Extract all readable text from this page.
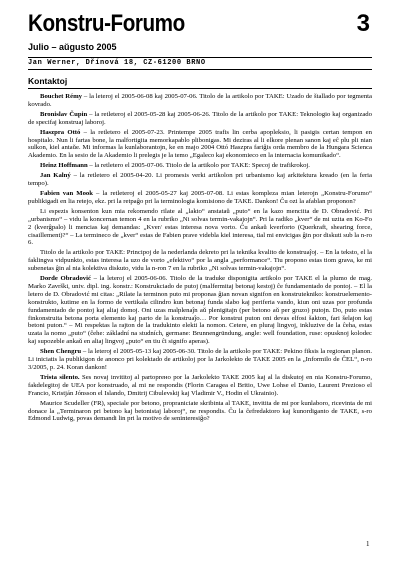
Konstru-Forumo	3
Julio – aŭgusto 2005
Jan Werner, Dřínová 18, CZ-61200 BRNO
Kontaktoj

Bouchet Rémy – la leteroj el 2005-06-08 kaj 2005-07-06. Titolo de la artikolo por TAKE: Uzado de štallado por tegmenta kovrado.

Bronislav Čupin – la retleteroj el 2005-05-28 kaj 2005-06-26. Titolo de la artikolo por TAKE: Teknologio kaj organizado de specifaj konstruaj laboroj.

Haszpra Ottó – la retletero el 2005-07-23. Printempe 2005 trafis lin cerba apopleksio, li pasigis certan tempon en hospitalo. Nun li fartas bone, la malfortigita memorkapablo plibonigas. Mi deziras al li elkore plenan sanon kaj eĉ plu pli nian sulkon, kiel antaŭe. Mi informas la kunlaborantojn, ke en majo 2004 Ottó Haszpra fariĝis orda membro de la Hungara Scienca Akademio. En la sesio de la Akademio li prelegis je la temo „Egaleco kaj ekonomieco en la internacia komunikado“.

Heinz Hoffmann – la retletero el 2005-07-06. Titolo de la artikolo por TAKE: Specoj de trafikrokoj.

Jan Kalný – la retletero el 2005-04-20. Li promesis verki artikolon pri urbanismo kaj arkitektura kreado (en la feria tempo).

Fabien van Mook – la retleteroj el 2005-05-27 kaj 2005-07-08. Li estas kompleza mian leterojn „Konstru-Forumo“ publikigadi en lia retejo, ekz. pri la retpaĝo pri la terminologia komisiono de TAKE. Dankon! Ĉu ozi la afablan proponon?

Li espezis konsenton kun mia rekomendo rilate al „lakto“ anstataŭ „puto“ en la kazo menciita de D. Obradović. Pri „urbanismo“ – vidu la koncernan temon 4 en la rubriko „Ni solvas termin-vakajojn“. Pri la radiko „kver“ de mi uzita en Ko-Fo 2 (kverĝpalo) li mencias kaj demandas: „Kver/ estas interesa nova vorto. Ĉu ankaŭ kverforto (Querkraft, shearing force, cisaillement)?“ – La termineco de „kver“ estas de Fabien prave videbla kiel interesa, tial mi envicigas ĝin por diskuti sub la n-ro 6.

Titolo de la artikolo por TAKE: Principoj de la nederlanda dekreto pri la teknika kvalito de konstruaĵoj. – En la teksto, el la faklingva vidpunkto, estas interesa la uzo de vorto „efektivo“ por la angla „performance“. Tiu propono estas tiom grava, ke mi subenetas ĝin al nia kolektiva diskuto, vidu la n-ron 7 en la rubriko „Ni solvas termin-vakajojn“.

Dorđe Obradović – la leteroj el 2005-06-06. Titolo de la traduke disponigita artikolo por TAKE el la plumo de mag. Marko Završki, univ. dipl. ing. konstr.: Konstrukciado de putoj (malfermitaj betonaj kestoj) ĉe fundamentado de pontoj. – El la letero de D. Obradović mi citas: „Rilate la terminon puto mi proponas ĝian novan signifon en konstruteknikо: konstruelemento-konstrukto, kutime en la formo de vertikala cilindro kun betonaj funda slabo kaj periferia vando, kiun oni uzas por profunda fundamentado de pontoj kaj aliaj domoj. Oni uzas malplenaĵn aŭ plenigitajn (per betono aŭ per gruzo) putojn. Do, puto estas finkonstruita betona porta elemento kaj parto de la konstruaĵo… Por konstrui puton oni devas elfosi šakton, fari šelajon kaj betoni puton.“ – Mi respektas la rajton de la tradukinto elekti la nomon. Cetere, en pluraj lingvoj, inkluzive de la ĉeha, estas uzata la nomo „puto“ (ĉehe: základní na studních, germane: Brunnengründung, angle: well foundation, ruse: opusknoj kolodec kaj supozeble ankaŭ en aliaj lingvoj „puto“ en tiu ĉi signifo aperas).

Shen Chengru – la leteroj el 2005-05-13 kaj 2005-06-30. Titolo de la artikolo por TAKE: Pekino fiksis la regionan planon. Li iniciatis la publikigon de anonco pri kolektado de artikoloj por la Jarkolekto de TAKE 2005 en la „Informilo de ĈEL“, n-ro 3/2005, p. 24. Koran dankon!

Trista silento. Ses novaj invititoj al partoprено por la Jarkolekto TAKE 2005 kaj al la diskutoj en nia Konstru-Forumo, fakdelegitoj de UEA por konstruado, al mi ne respondis (Florin Caragea el Britio, Uwe Lohse el Danio, Laurent Prezioso el Francio, Kristján Jónsson el Islando, Dmitrij Cibulevskij kaj Vladimir V., Hodin el Ukrainio).

Maurice Scudeller (FR), speciale por betono, propraniciate skribinta al TAKE, invitita de mi por kunlaboro, ricevinta de mi donace la „Terminaron pri betono kaj betonistaj laboroj“, ne respondis. Ĉu la ĉefredaktoro kaj kunordiganto de TAKE, s-ro Edmond Ludwig, povas demandi lin pri la motivo de seninteresiĝo?

1
